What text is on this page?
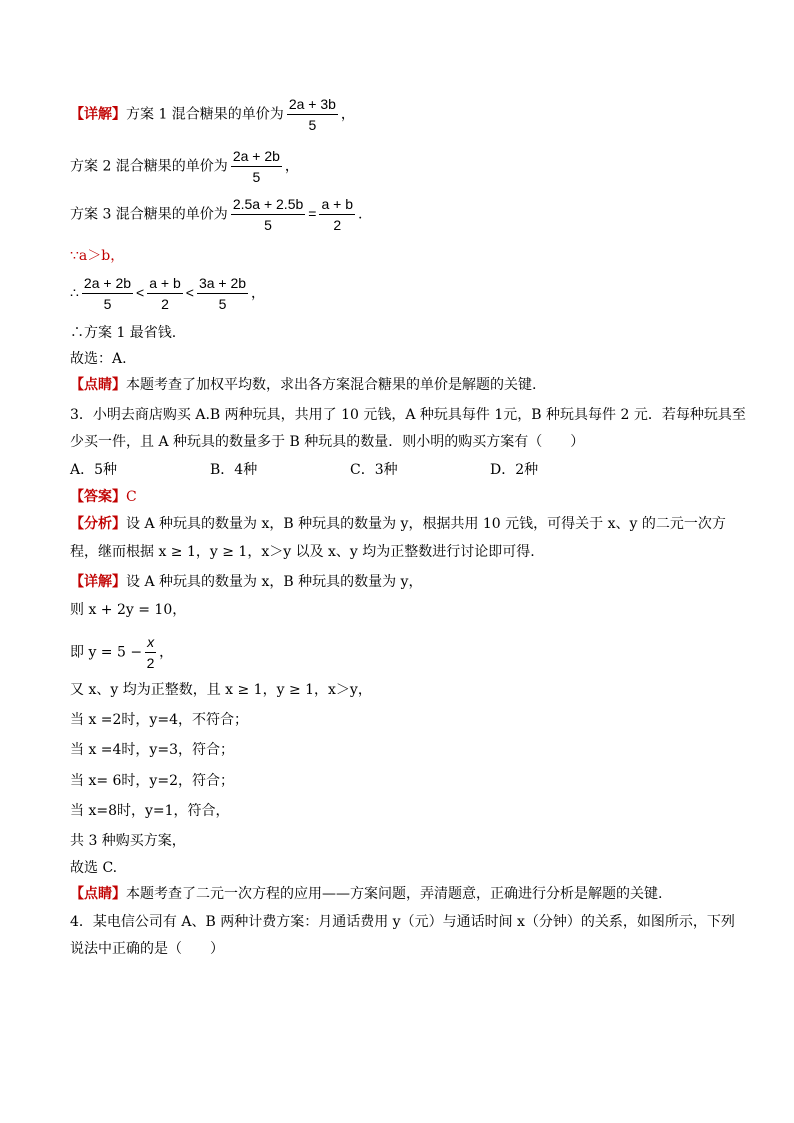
【详解】方案 1 混合糖果的单价为 $\frac{2a + 3b}{5}$ ，
方案 2 混合糖果的单价为 $\frac{2a + 2b}{5}$ ，
方案 3 混合糖果的单价为 $\frac{2.5a + 2.5b}{5} = \frac{a + b}{2}$ .
∵a＞b，
∴ $\frac{2a + 2b}{5} < \frac{a + b}{2} < \frac{3a + 2b}{5}$ ，
∴方案 1 最省钱.
故选：A.
【点睛】本题考查了加权平均数，求出各方案混合糖果的单价是解题的关键.
3．小明去商店购买 A.B 两种玩具，共用了 10 元钱，A 种玩具每件 1元，B 种玩具每件 2 元．若每种玩具至
少买一件，且 A 种玩具的数量多于 B 种玩具的数量．则小明的购买方案有（　　）
A．5种	B．4种	C．3种	D．2种
【答案】C
【分析】设 A 种玩具的数量为 x，B 种玩具的数量为 y，根据共用 10 元钱，可得关于 x、y 的二元一次方
程，继而根据 x ≥ 1，y ≥ 1，x＞y 以及 x、y 均为正整数进行讨论即可得.
【详解】设 A 种玩具的数量为 x，B 种玩具的数量为 y，
则 x + 2y = 10，
即 $y = 5 - \frac{x}{2}$ ，
又 x、y 均为正整数，且 x ≥ 1，y ≥ 1，x＞y，
当 x =2时，y=4，不符合；
当 x =4时，y=3，符合；
当 x= 6时，y=2，符合；
当 x=8时，y=1，符合，
共 3 种购买方案，
故选 C.
【点睛】本题考查了二元一次方程的应用——方案问题，弄清题意，正确进行分析是解题的关键.
4．某电信公司有 A、B 两种计费方案：月通话费用 y（元）与通话时间 x（分钟）的关系，如图所示，下列
说法中正确的是（　　）
